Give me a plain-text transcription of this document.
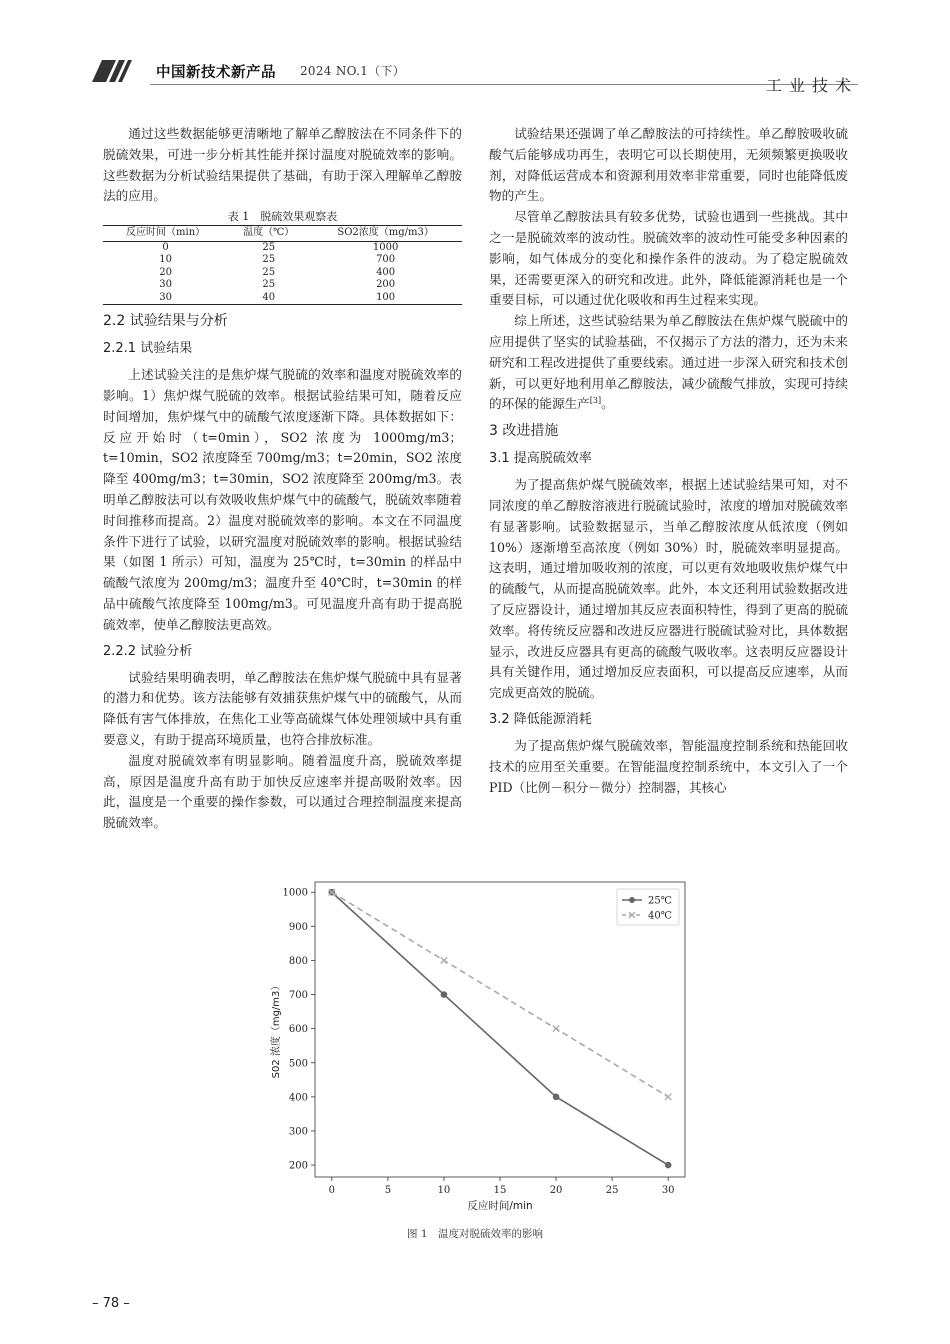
中国新技术新产品 2024 NO.1（下）
工业技术

通过这些数据能够更清晰地了解单乙醇胺法在不同条件下的脱硫效果，可进一步分析其性能并探讨温度对脱硫效率的影响。这些数据为分析试验结果提供了基础，有助于深入理解单乙醇胺法的应用。

表 1　脱硫效果观察表
反应时间（min）	温度（℃）	SO2浓度（mg/m3）
0	25	1000
10	25	700
20	25	400
30	25	200
30	40	100
2.2 试验结果与分析
2.2.1 试验结果

上述试验关注的是焦炉煤气脱硫的效率和温度对脱硫效率的影响。1）焦炉煤气脱硫的效率。根据试验结果可知，随着反应时间增加，焦炉煤气中的硫酸气浓度逐渐下降。具体数据如下：反应开始时（t=0min），SO2 浓度为 1000mg/m3；t=10min，SO2 浓度降至 700mg/m3；t=20min，SO2 浓度降至 400mg/m3；t=30min，SO2 浓度降至 200mg/m3。表明单乙醇胺法可以有效吸收焦炉煤气中的硫酸气，脱硫效率随着时间推移而提高。2）温度对脱硫效率的影响。本文在不同温度条件下进行了试验，以研究温度对脱硫效率的影响。根据试验结果（如图 1 所示）可知，温度为 25℃时，t=30min 的样品中硫酸气浓度为 200mg/m3；温度升至 40℃时，t=30min 的样品中硫酸气浓度降至 100mg/m3。可见温度升高有助于提高脱硫效率，使单乙醇胺法更高效。

2.2.2 试验分析

试验结果明确表明，单乙醇胺法在焦炉煤气脱硫中具有显著的潜力和优势。该方法能够有效捕获焦炉煤气中的硫酸气，从而降低有害气体排放，在焦化工业等高硫煤气体处理领域中具有重要意义，有助于提高环境质量，也符合排放标准。

温度对脱硫效率有明显影响。随着温度升高，脱硫效率提高，原因是温度升高有助于加快反应速率并提高吸附效率。因此，温度是一个重要的操作参数，可以通过合理控制温度来提高脱硫效率。

试验结果还强调了单乙醇胺法的可持续性。单乙醇胺吸收硫酸气后能够成功再生，表明它可以长期使用，无须频繁更换吸收剂，对降低运营成本和资源利用效率非常重要，同时也能降低废物的产生。

尽管单乙醇胺法具有较多优势，试验也遇到一些挑战。其中之一是脱硫效率的波动性。脱硫效率的波动性可能受多种因素的影响，如气体成分的变化和操作条件的波动。为了稳定脱硫效果，还需要更深入的研究和改进。此外，降低能源消耗也是一个重要目标，可以通过优化吸收和再生过程来实现。

综上所述，这些试验结果为单乙醇胺法在焦炉煤气脱硫中的应用提供了坚实的试验基础，不仅揭示了方法的潜力，还为未来研究和工程改进提供了重要线索。通过进一步深入研究和技术创新，可以更好地利用单乙醇胺法，减少硫酸气排放，实现可持续的环保的能源生产[3]。

3 改进措施
3.1 提高脱硫效率

为了提高焦炉煤气脱硫效率，根据上述试验结果可知，对不同浓度的单乙醇胺溶液进行脱硫试验时，浓度的增加对脱硫效率有显著影响。试验数据显示，当单乙醇胺浓度从低浓度（例如 10%）逐渐增至高浓度（例如 30%）时，脱硫效率明显提高。这表明，通过增加吸收剂的浓度，可以更有效地吸收焦炉煤气中的硫酸气，从而提高脱硫效率。此外，本文还利用试验数据改进了反应器设计，通过增加其反应表面积特性，得到了更高的脱硫效率。将传统反应器和改进反应器进行脱硫试验对比，具体数据显示，改进反应器具有更高的硫酸气吸收率。这表明反应器设计具有关键作用，通过增加反应表面积，可以提高反应速率，从而完成更高效的脱硫。

3.2 降低能源消耗

为了提高焦炉煤气脱硫效率，智能温度控制系统和热能回收技术的应用至关重要。在智能温度控制系统中，本文引入了一个 PID（比例－积分－微分）控制器，其核心

0	5	10	15	20	25	30
200
300
400
500
600
700
800
900
1000
反应时间/min
S02 浓度（mg/m3）
25℃
40℃
图 1　温度对脱硫效率的影响
– 78 –
